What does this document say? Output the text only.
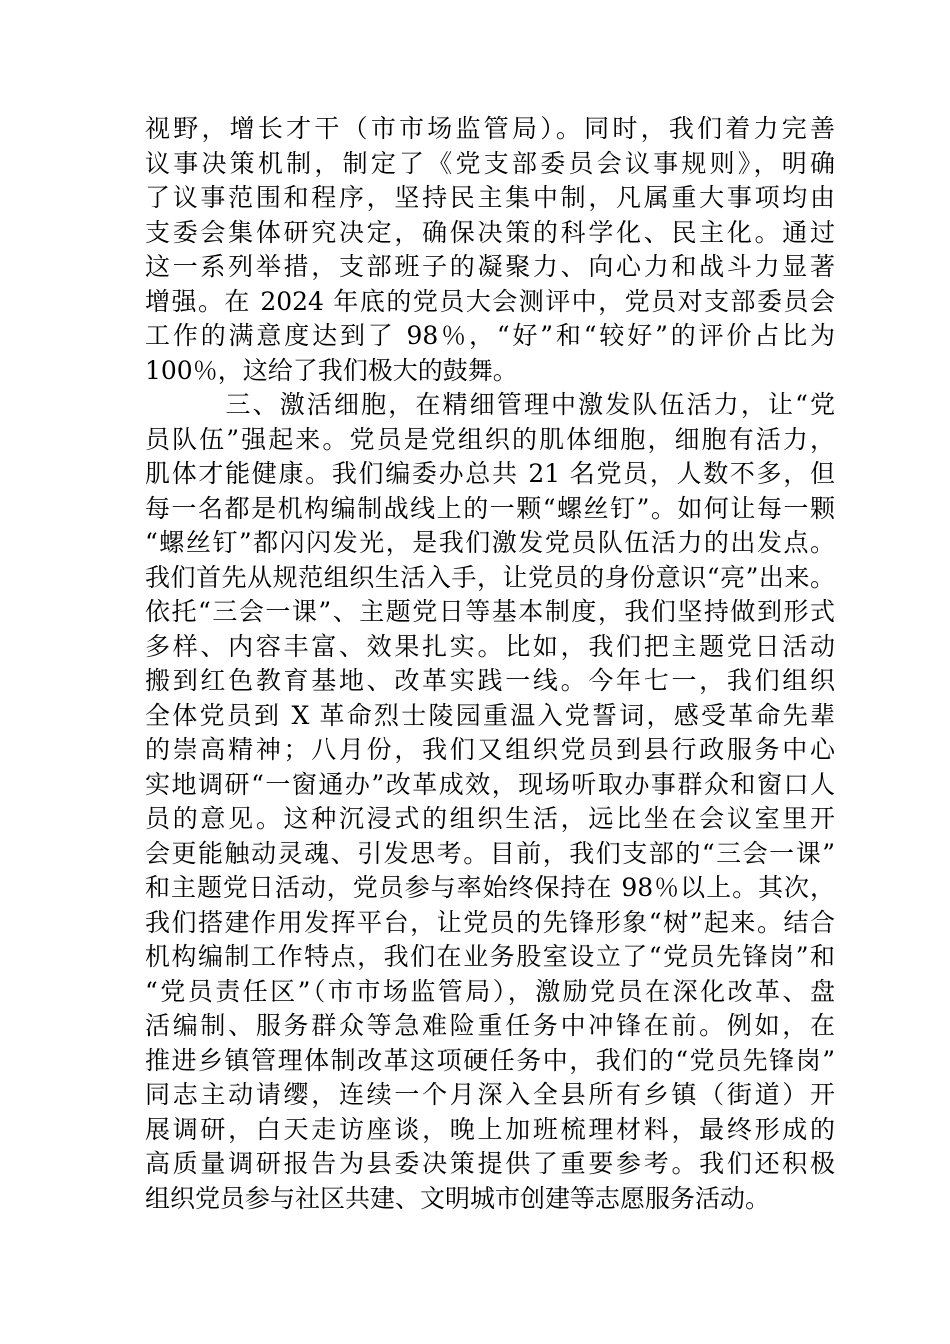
视野，增长才干（市市场监管局）。同时，我们着力完善
议事决策机制，制定了《党支部委员会议事规则》，明确
了议事范围和程序，坚持民主集中制，凡属重大事项均由
支委会集体研究决定，确保决策的科学化、民主化。通过
这一系列举措，支部班子的凝聚力、向心力和战斗力显著
增强。在 2024 年底的党员大会测评中，党员对支部委员会
工作的满意度达到了 98％，“好”和“较好”的评价占比为
100％，这给了我们极大的鼓舞。
三、激活细胞，在精细管理中激发队伍活力，让“党
员队伍”强起来。党员是党组织的肌体细胞，细胞有活力，
肌体才能健康。我们编委办总共 21 名党员，人数不多，但
每一名都是机构编制战线上的一颗“螺丝钉”。如何让每一颗
“螺丝钉”都闪闪发光，是我们激发党员队伍活力的出发点。
我们首先从规范组织生活入手，让党员的身份意识“亮”出来。
依托“三会一课”、主题党日等基本制度，我们坚持做到形式
多样、内容丰富、效果扎实。比如，我们把主题党日活动
搬到红色教育基地、改革实践一线。今年七一，我们组织
全体党员到 X 革命烈士陵园重温入党誓词，感受革命先辈
的崇高精神；八月份，我们又组织党员到县行政服务中心
实地调研“一窗通办”改革成效，现场听取办事群众和窗口人
员的意见。这种沉浸式的组织生活，远比坐在会议室里开
会更能触动灵魂、引发思考。目前，我们支部的“三会一课”
和主题党日活动，党员参与率始终保持在 98％以上。其次，
我们搭建作用发挥平台，让党员的先锋形象“树”起来。结合
机构编制工作特点，我们在业务股室设立了“党员先锋岗”和
“党员责任区”（市市场监管局），激励党员在深化改革、盘
活编制、服务群众等急难险重任务中冲锋在前。例如，在
推进乡镇管理体制改革这项硬任务中，我们的“党员先锋岗”
同志主动请缨，连续一个月深入全县所有乡镇（街道）开
展调研，白天走访座谈，晚上加班梳理材料，最终形成的
高质量调研报告为县委决策提供了重要参考。我们还积极
组织党员参与社区共建、文明城市创建等志愿服务活动。
